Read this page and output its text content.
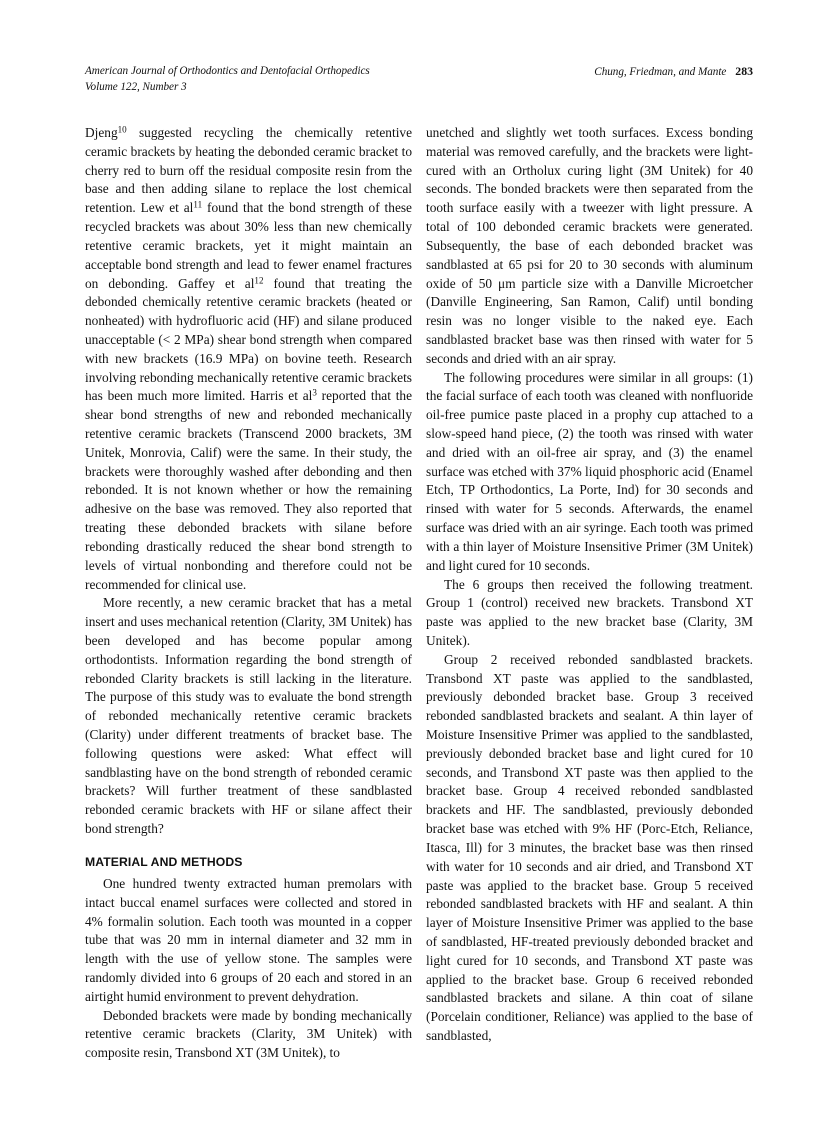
American Journal of Orthodontics and Dentofacial Orthopedics
Volume 122, Number 3
Chung, Friedman, and Mante 283

Djeng$^{10}$ suggested recycling the chemically retentive ceramic brackets by heating the debonded ceramic bracket to cherry red to burn off the residual composite resin from the base and then adding silane to replace the lost chemical retention. Lew et $al^{11}$ found that the bond strength of these recycled brackets was about 30% less than new chemically retentive ceramic brackets, yet it might maintain an acceptable bond strength and lead to fewer enamel fractures on debonding. Gaffey et $al^{12}$ found that treating the debonded chemically retentive ceramic brackets (heated or nonheated) with hydrofluoric acid (HF) and silane produced unacceptable (< 2 MPa) shear bond strength when compared with new brackets (16.9 MPa) on bovine teeth. Research involving rebonding mechanically retentive ceramic brackets has been much more limited. Harris et $al^3$ reported that the shear bond strengths of new and rebonded mechanically retentive ceramic brackets (Transcend 2000 brackets, 3M Unitek, Monrovia, Calif) were the same. In their study, the brackets were thoroughly washed after debonding and then rebonded. It is not known whether or how the remaining adhesive on the base was removed. They also reported that treating these debonded brackets with silane before rebonding drastically reduced the shear bond strength to levels of virtual nonbonding and therefore could not be recommended for clinical use.

More recently, a new ceramic bracket that has a metal insert and uses mechanical retention (Clarity, 3M Unitek) has been developed and has become popular among orthodontists. Information regarding the bond strength of rebonded Clarity brackets is still lacking in the literature. The purpose of this study was to evaluate the bond strength of rebonded mechanically retentive ceramic brackets (Clarity) under different treatments of bracket base. The following questions were asked: What effect will sandblasting have on the bond strength of rebonded ceramic brackets? Will further treatment of these sandblasted rebonded ceramic brackets with HF or silane affect their bond strength?

MATERIAL AND METHODS

One hundred twenty extracted human premolars with intact buccal enamel surfaces were collected and stored in 4% formalin solution. Each tooth was mounted in a copper tube that was 20 mm in internal diameter and 32 mm in length with the use of yellow stone. The samples were randomly divided into 6 groups of 20 each and stored in an airtight humid environment to prevent dehydration.

Debonded brackets were made by bonding mechanically retentive ceramic brackets (Clarity, 3M Unitek) with composite resin, Transbond XT (3M Unitek), to

unetched and slightly wet tooth surfaces. Excess bonding material was removed carefully, and the brackets were light-cured with an Ortholux curing light (3M Unitek) for 40 seconds. The bonded brackets were then separated from the tooth surface easily with a tweezer with light pressure. A total of 100 debonded ceramic brackets were generated. Subsequently, the base of each debonded bracket was sandblasted at 65 psi for 20 to 30 seconds with aluminum oxide of 50 μm particle size with a Danville Microetcher (Danville Engineering, San Ramon, Calif) until bonding resin was no longer visible to the naked eye. Each sandblasted bracket base was then rinsed with water for 5 seconds and dried with an air spray.

The following procedures were similar in all groups: (1) the facial surface of each tooth was cleaned with nonfluoride oil-free pumice paste placed in a prophy cup attached to a slow-speed hand piece, (2) the tooth was rinsed with water and dried with an oil-free air spray, and (3) the enamel surface was etched with 37% liquid phosphoric acid (Enamel Etch, TP Orthodontics, La Porte, Ind) for 30 seconds and rinsed with water for 5 seconds. Afterwards, the enamel surface was dried with an air syringe. Each tooth was primed with a thin layer of Moisture Insensitive Primer (3M Unitek) and light cured for 10 seconds.

The 6 groups then received the following treatment. Group 1 (control) received new brackets. Transbond XT paste was applied to the new bracket base (Clarity, 3M Unitek).

Group 2 received rebonded sandblasted brackets. Transbond XT paste was applied to the sandblasted, previously debonded bracket base. Group 3 received rebonded sandblasted brackets and sealant. A thin layer of Moisture Insensitive Primer was applied to the sandblasted, previously debonded bracket base and light cured for 10 seconds, and Transbond XT paste was then applied to the bracket base. Group 4 received rebonded sandblasted brackets and HF. The sandblasted, previously debonded bracket base was etched with 9% HF (Porc-Etch, Reliance, Itasca, Ill) for 3 minutes, the bracket base was then rinsed with water for 10 seconds and air dried, and Transbond XT paste was applied to the bracket base. Group 5 received rebonded sandblasted brackets with HF and sealant. A thin layer of Moisture Insensitive Primer was applied to the base of sandblasted, HF-treated previously debonded bracket and light cured for 10 seconds, and Transbond XT paste was applied to the bracket base. Group 6 received rebonded sandblasted brackets and silane. A thin coat of silane (Porcelain conditioner, Reliance) was applied to the base of sandblasted,
